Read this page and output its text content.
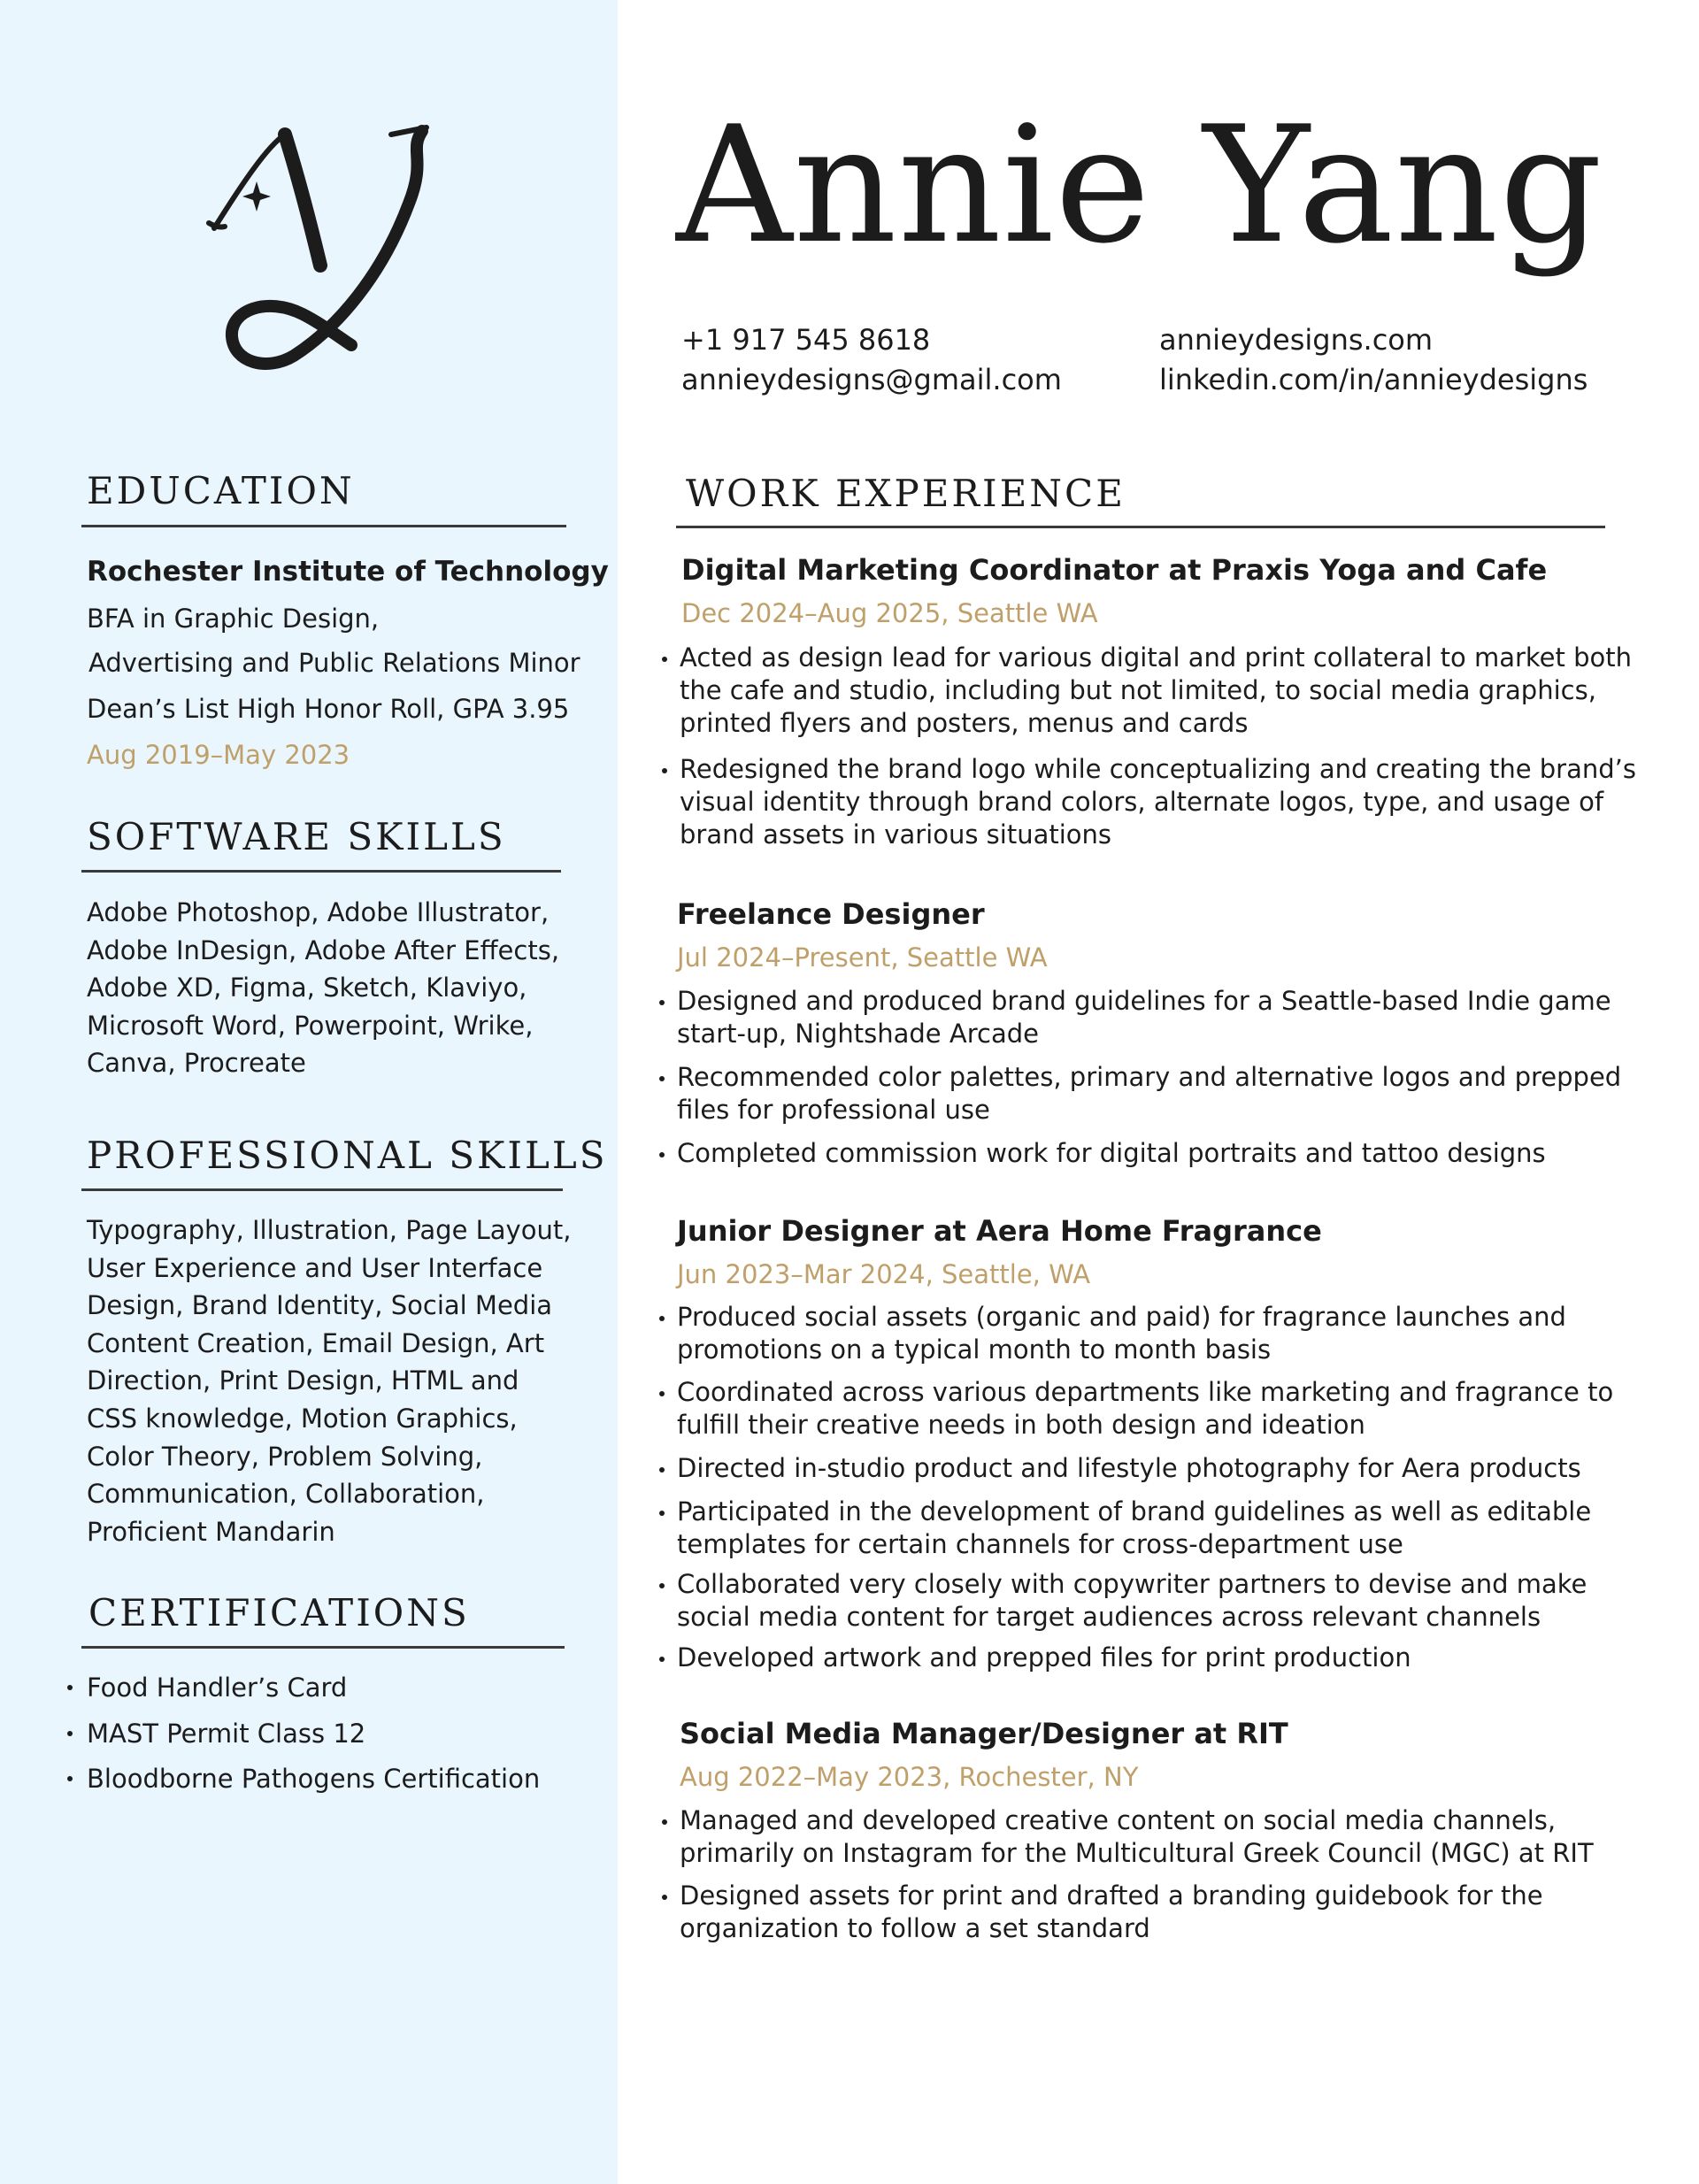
Annie Yang
+1 917 545 8618
annieydesigns@gmail.com
annieydesigns.com
linkedin.com/in/annieydesigns
EDUCATION
Rochester Institute of Technology
BFA in Graphic Design,
Advertising and Public Relations Minor
Dean’s List High Honor Roll, GPA 3.95
Aug 2019–May 2023
SOFTWARE SKILLS
Adobe Photoshop, Adobe Illustrator,
Adobe InDesign, Adobe After Effects,
Adobe XD, Figma, Sketch, Klaviyo,
Microsoft Word, Powerpoint, Wrike,
Canva, Procreate
PROFESSIONAL SKILLS
Typography, Illustration, Page Layout,
User Experience and User Interface
Design, Brand Identity, Social Media
Content Creation, Email Design, Art
Direction, Print Design, HTML and
CSS knowledge, Motion Graphics,
Color Theory, Problem Solving,
Communication, Collaboration,
Proficient Mandarin
CERTIFICATIONS
Food Handler’s Card
MAST Permit Class 12
Bloodborne Pathogens Certification
WORK EXPERIENCE
Digital Marketing Coordinator at Praxis Yoga and Cafe
Dec 2024–Aug 2025, Seattle WA
Acted as design lead for various digital and print collateral to market both
the cafe and studio, including but not limited, to social media graphics,
printed flyers and posters, menus and cards
Redesigned the brand logo while conceptualizing and creating the brand’s
visual identity through brand colors, alternate logos, type, and usage of
brand assets in various situations
Freelance Designer
Jul 2024–Present, Seattle WA
Designed and produced brand guidelines for a Seattle-based Indie game
start-up, Nightshade Arcade
Recommended color palettes, primary and alternative logos and prepped
files for professional use
Completed commission work for digital portraits and tattoo designs
Junior Designer at Aera Home Fragrance
Jun 2023–Mar 2024, Seattle, WA
Produced social assets (organic and paid) for fragrance launches and
promotions on a typical month to month basis
Coordinated across various departments like marketing and fragrance to
fulfill their creative needs in both design and ideation
Directed in-studio product and lifestyle photography for Aera products
Participated in the development of brand guidelines as well as editable
templates for certain channels for cross-department use
Collaborated very closely with copywriter partners to devise and make
social media content for target audiences across relevant channels
Developed artwork and prepped files for print production
Social Media Manager/Designer at RIT
Aug 2022–May 2023, Rochester, NY
Managed and developed creative content on social media channels,
primarily on Instagram for the Multicultural Greek Council (MGC) at RIT
Designed assets for print and drafted a branding guidebook for the
organization to follow a set standard
